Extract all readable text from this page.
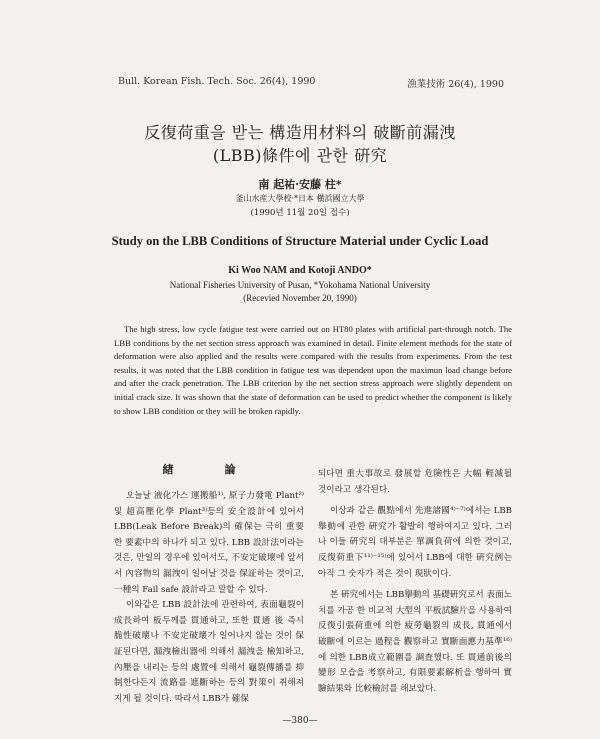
Bull. Korean Fish. Tech. Soc. 26(4), 1990	漁業技術 26(4), 1990
反復荷重을 받는 構造用材料의 破斷前漏洩
(LBB)條件에 관한 硏究
南 起祐·安藤 柱*
釜山水産大學校·*日本 橫浜國立大學
(1990년 11월 20일 접수)
Study on the LBB Conditions of Structure Material under Cyclic Load
Ki Woo NAM and Kotoji ANDO*
National Fisheries University of Pusan, *Yokohama National University
(Recevied November 20, 1990)

The high stress, low cycle fatigue test were carried out on HT80 plates with artificial part-through notch. The LBB conditions by the net section stress approach was examined in detail. Finite element methods for the state of deformation were also applied and the results were compared with the results from experiments. From the test results, it was noted that the LBB condition in fatigue test was dependent upon the maximun load change before and after the crack penetration. The LBB criterion by the net section stress approach were slightly dependent on initial crack size. It was shown that the state of deformation can be used to predict whether the component is likely to show LBB condition or they will be broken rapidly.

緖　論

오늘날 液化가스 運搬船¹⁾, 原子力發電 Plant²⁾ 및 超高壓化學 Plant³⁾등의 安全設計에 있어서 LBB(Leak Before Break)의 確保는 극히 重要한 要素中의 하나가 되고 있다. LBB 設計法이라는 것은, 만일의 경우에 있어서도, 不安定破壞에 앞서서 內容物의 漏洩이 일어날 것을 保証하는 것이고, 一種의 Fail safe 設計라고 말할 수 있다.

이와같은 LBB 設計法에 관련하여, 表面龜裂이 成長하여 板두께를 貫通하고, 또한 貫通 後 즉시 脆性破壞나 不安定破壞가 일어나지 않는 것이 保証된다면, 漏洩檢出器에 의해서 漏洩을 檢知하고, 內壓을 내리는 등의 處置에 의해서 龜裂傳播를 抑制한다든지 流路를 遮斷하는 등의 對策이 취해져 지게 될 것이다. 따라서 LBB가 確保

되다면 重大事故로 發展할 危險性은 大幅 輕減될 것이라고 생각된다.

이상과 같은 觀點에서 先進諸國⁴⁾⁻⁷⁾에서는 LBB舉動에 관한 硏究가 활발히 행하여지고 있다. 그러나 이들 硏究의 대부분은 單調負荷에 의한 것이고, 反復荷重下¹¹⁾⁻¹⁵⁾에 있어서 LBB에 대한 硏究例는 아직 그 숫자가 적은 것이 現狀이다.

본 硏究에서는 LBB擧動의 基礎硏究로서 表面노치를 가공 한 비교적 大型의 平板試驗片을 사용하여 反復引張荷重에 의한 疲勞龜裂의 成長, 貫通에서 破斷에 이르는 過程을 觀察하고 實斷面應力基準¹⁶⁾에 의한 LBB成立範圍를 調査했다. 또 貫通前後의 變形 모습을 考察하고, 有限要素解析을 행하여 實驗結果와 比較檢討를 해보았다.

—380—
